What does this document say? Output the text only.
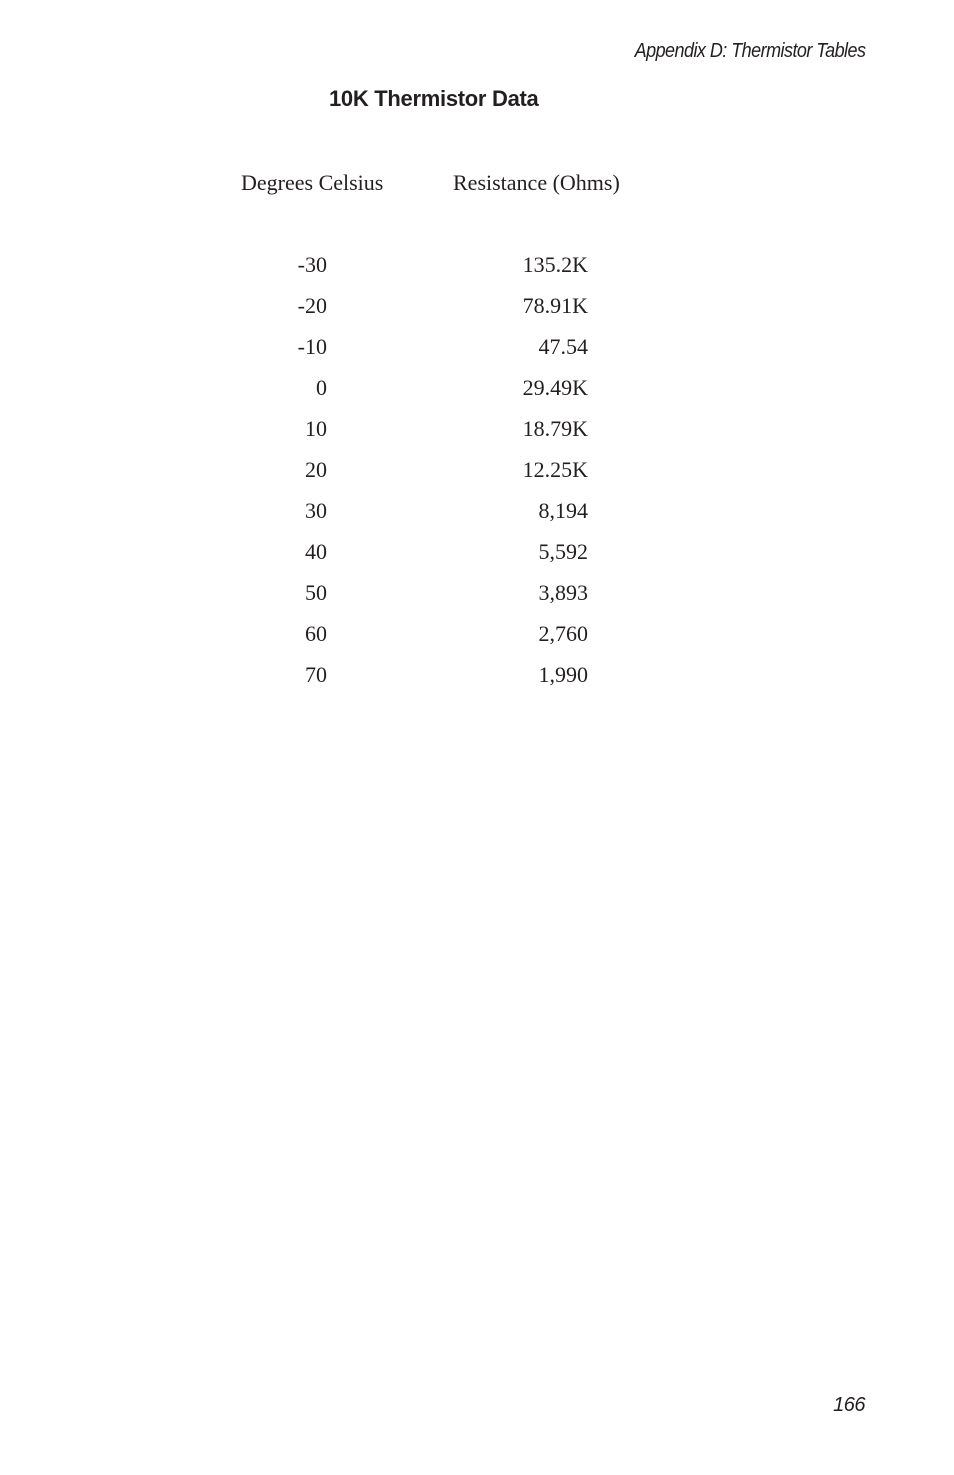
Appendix D: Thermistor Tables
10K Thermistor Data
Degrees Celsius	Resistance (Ohms)
-30	135.2K
-20	78.91K
-10	47.54
0	29.49K
10	18.79K
20	12.25K
30	8,194
40	5,592
50	3,893
60	2,760
70	1,990
166
